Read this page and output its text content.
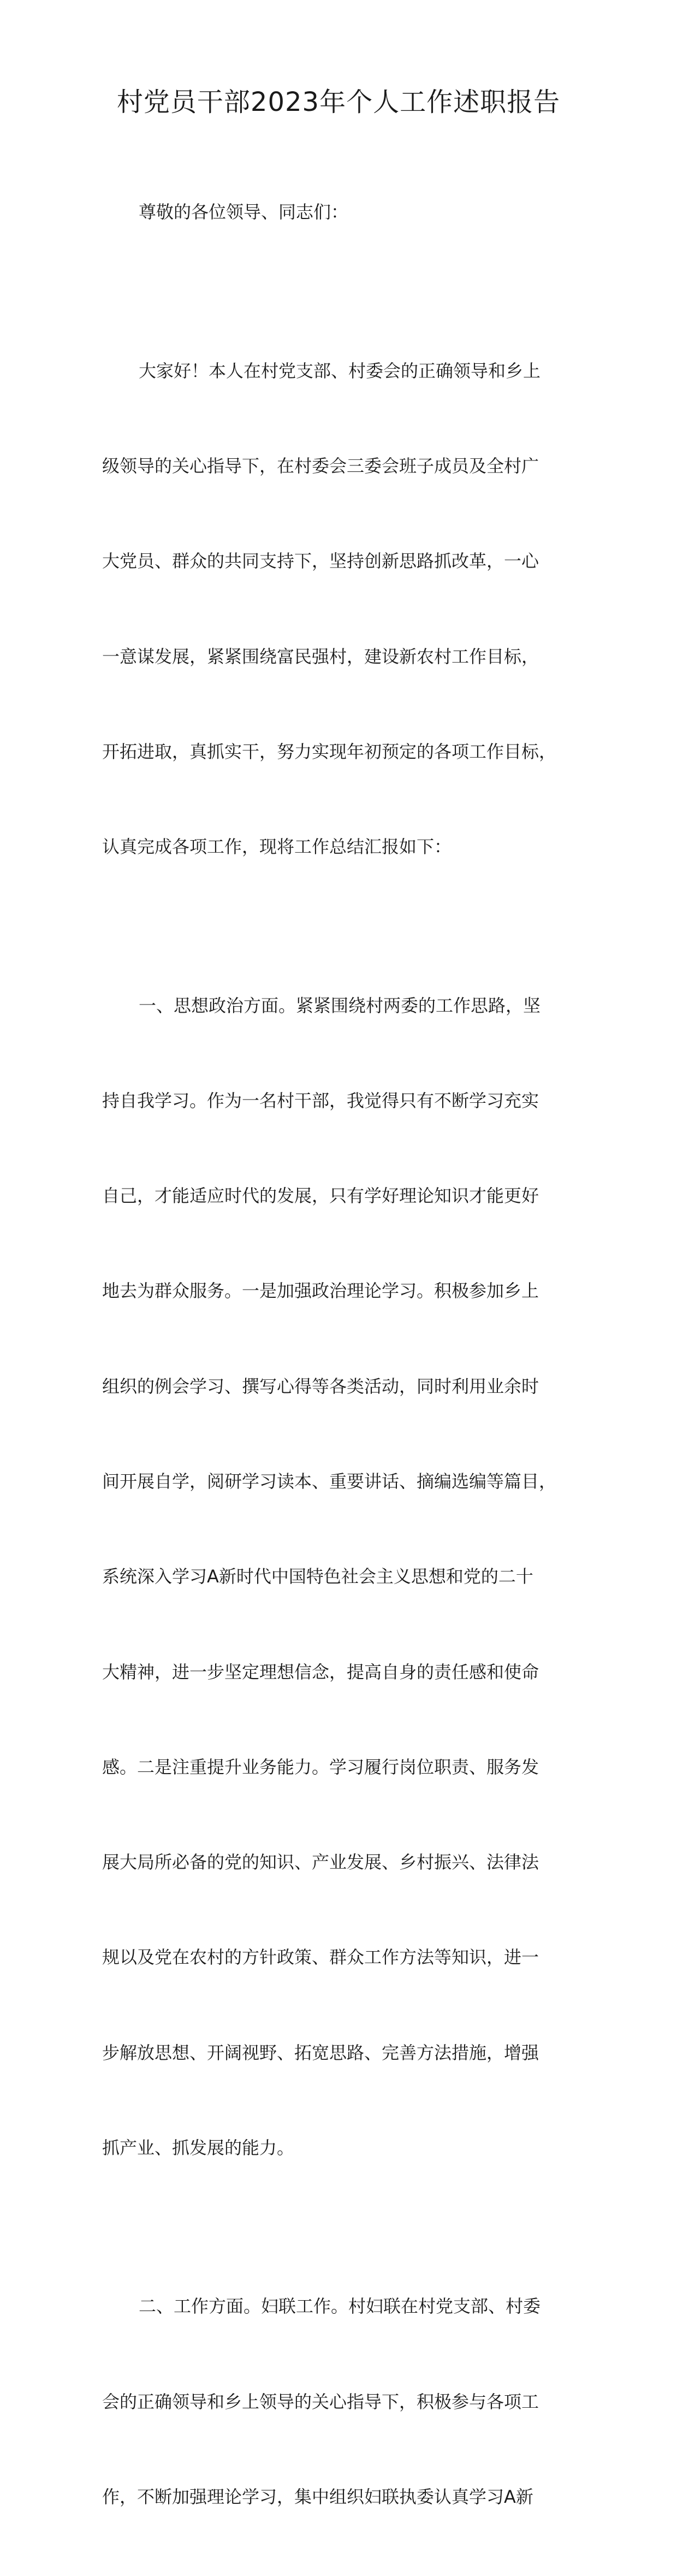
村党员干部2023年个人工作述职报告

尊敬的各位领导、同志们：

大家好！本人在村党支部、村委会的正确领导和乡上

级领导的关心指导下，在村委会三委会班子成员及全村广

大党员、群众的共同支持下，坚持创新思路抓改革，一心

一意谋发展，紧紧围绕富民强村，建设新农村工作目标，

开拓进取，真抓实干，努力实现年初预定的各项工作目标，

认真完成各项工作，现将工作总结汇报如下：

一、思想政治方面。紧紧围绕村两委的工作思路，坚

持自我学习。作为一名村干部，我觉得只有不断学习充实

自己，才能适应时代的发展，只有学好理论知识才能更好

地去为群众服务。一是加强政治理论学习。积极参加乡上

组织的例会学习、撰写心得等各类活动，同时利用业余时

间开展自学，阅研学习读本、重要讲话、摘编选编等篇目，

系统深入学习A新时代中国特色社会主义思想和党的二十

大精神，进一步坚定理想信念，提高自身的责任感和使命

感。二是注重提升业务能力。学习履行岗位职责、服务发

展大局所必备的党的知识、产业发展、乡村振兴、法律法

规以及党在农村的方针政策、群众工作方法等知识，进一

步解放思想、开阔视野、拓宽思路、完善方法措施，增强

抓产业、抓发展的能力。

二、工作方面。妇联工作。村妇联在村党支部、村委

会的正确领导和乡上领导的关心指导下，积极参与各项工

作，不断加强理论学习，集中组织妇联执委认真学习A新
